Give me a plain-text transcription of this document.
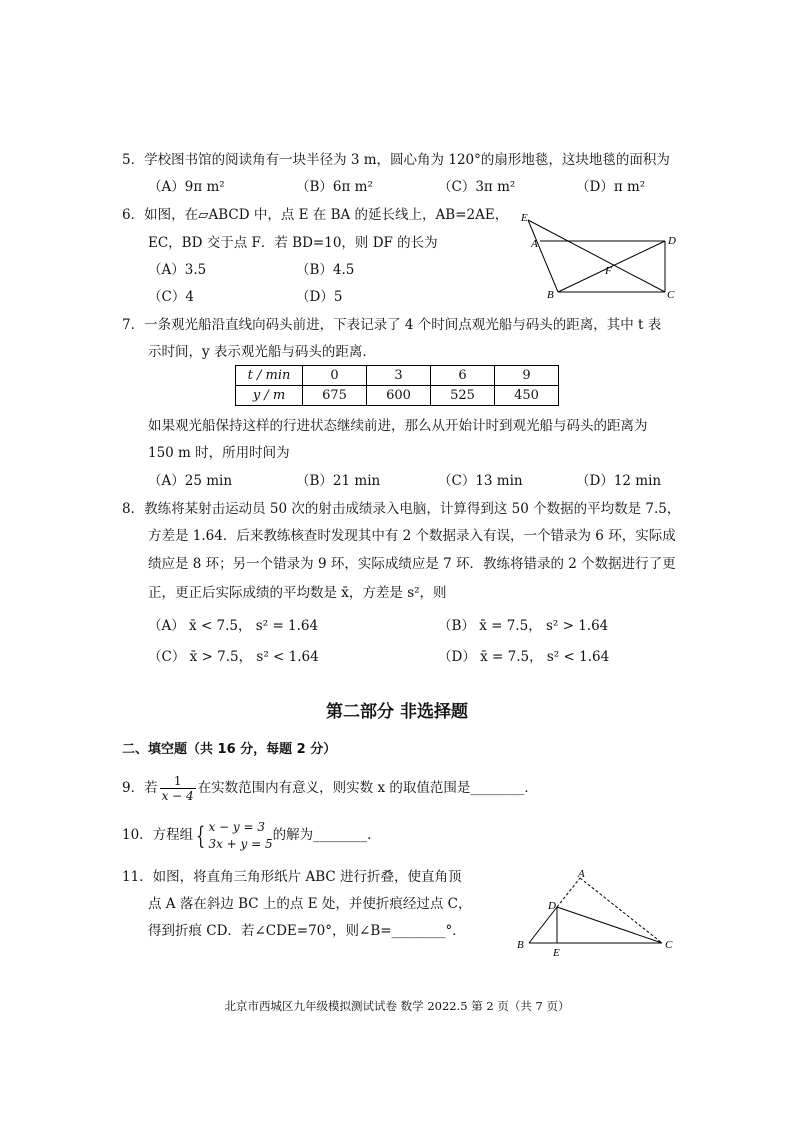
5．学校图书馆的阅读角有一块半径为 3 m，圆心角为 120°的扇形地毯，这块地毯的面积为
（A）9π m²	（B）6π m²	（C）3π m²	（D）π m²
6．如图，在▱ABCD 中，点 E 在 BA 的延长线上，AB=2AE，
EC，BD 交于点 F．若 BD=10，则 DF 的长为
（A）3.5	（B）4.5
（C）4	（D）5
E
A	D
F
B	C
7．一条观光船沿直线向码头前进，下表记录了 4 个时间点观光船与码头的距离，其中 t 表
示时间，y 表示观光船与码头的距离．
t / min	0	3	6	9
y / m	675	600	525	450
如果观光船保持这样的行进状态继续前进，那么从开始计时到观光船与码头的距离为
150 m 时，所用时间为
（A）25 min	（B）21 min	（C）13 min	（D）12 min
8．教练将某射击运动员 50 次的射击成绩录入电脑，计算得到这 50 个数据的平均数是 7.5，
方差是 1.64．后来教练核查时发现其中有 2 个数据录入有误，一个错录为 6 环，实际成
绩应是 8 环；另一个错录为 9 环，实际成绩应是 7 环．教练将错录的 2 个数据进行了更
正，更正后实际成绩的平均数是 x̄，方差是 s²，则
（A） x̄ < 7.5， s² = 1.64	（B） x̄ = 7.5， s² > 1.64
（C） x̄ > 7.5， s² < 1.64	（D） x̄ = 7.5， s² < 1.64
第二部分 非选择题
二、填空题（共 16 分，每题 2 分）
9．若 $\frac{1}{x - 4}$ 在实数范围内有意义，则实数 x 的取值范围是________．
10．方程组 { x − y = 3
3x + y = 5
的解为________．
11．如图，将直角三角形纸片 ABC 进行折叠，使直角顶
点 A 落在斜边 BC 上的点 E 处，并使折痕经过点 C，
得到折痕 CD．若∠CDE=70°，则∠B=________°．
A
D
B
E
C
北京市西城区九年级模拟测试试卷 数学 2022.5 第 2 页（共 7 页）
